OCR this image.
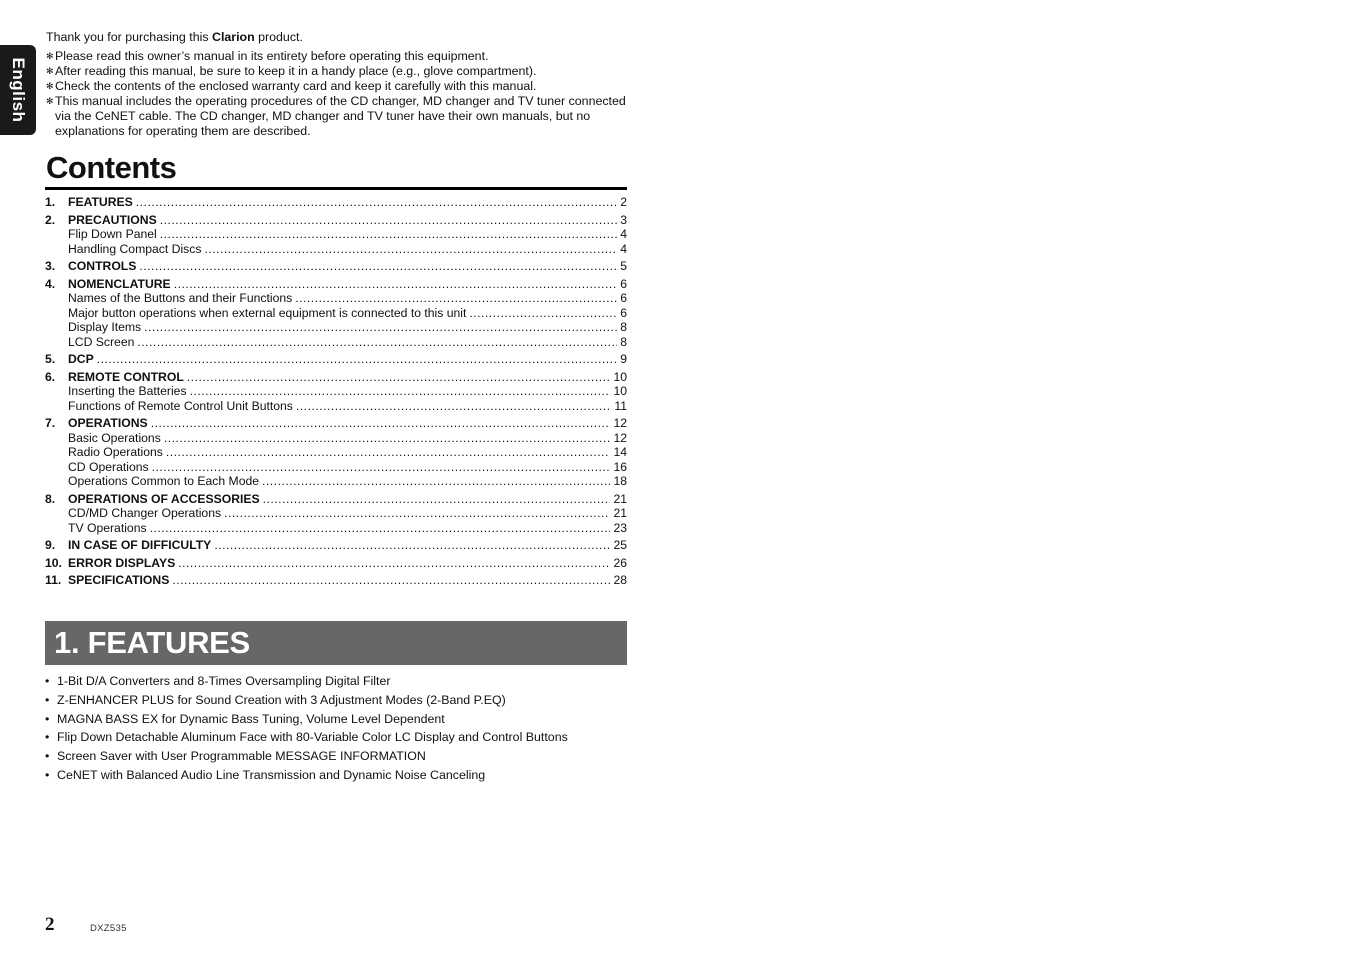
English
Thank you for purchasing this Clarion product.
✻ Please read this owner’s manual in its entirety before operating this equipment.
✻ After reading this manual, be sure to keep it in a handy place (e.g., glove compartment).
✻ Check the contents of the enclosed warranty card and keep it carefully with this manual.
✻ This manual includes the operating procedures of the CD changer, MD changer and TV tuner connected via the CeNET cable. The CD changer, MD changer and TV tuner have their own manuals, but no explanations for operating them are described.
Contents
1.	FEATURES .....	2
2.	PRECAUTIONS .....	3
Flip Down Panel .....	4
Handling Compact Discs .....	4
3.	CONTROLS .....	5
4.	NOMENCLATURE .....	6
Names of the Buttons and their Functions .....	6
Major button operations when external equipment is connected to this unit .....	6
Display Items .....	8
LCD Screen .....	8
5.	DCP .....	9
6.	REMOTE CONTROL .....	10
Inserting the Batteries .....	10
Functions of Remote Control Unit Buttons .....	11
7.	OPERATIONS .....	12
Basic Operations .....	12
Radio Operations .....	14
CD Operations .....	16
Operations Common to Each Mode .....	18
8.	OPERATIONS OF ACCESSORIES .....	21
CD/MD Changer Operations .....	21
TV Operations .....	23
9.	IN CASE OF DIFFICULTY .....	25
10. ERROR DISPLAYS .....	26
11. SPECIFICATIONS .....	28
1. FEATURES
• 1-Bit D/A Converters and 8-Times Oversampling Digital Filter
• Z-ENHANCER PLUS for Sound Creation with 3 Adjustment Modes (2-Band P.EQ)
• MAGNA BASS EX for Dynamic Bass Tuning, Volume Level Dependent
• Flip Down Detachable Aluminum Face with 80-Variable Color LC Display and Control Buttons
• Screen Saver with User Programmable MESSAGE INFORMATION
• CeNET with Balanced Audio Line Transmission and Dynamic Noise Canceling
2	DXZ535
